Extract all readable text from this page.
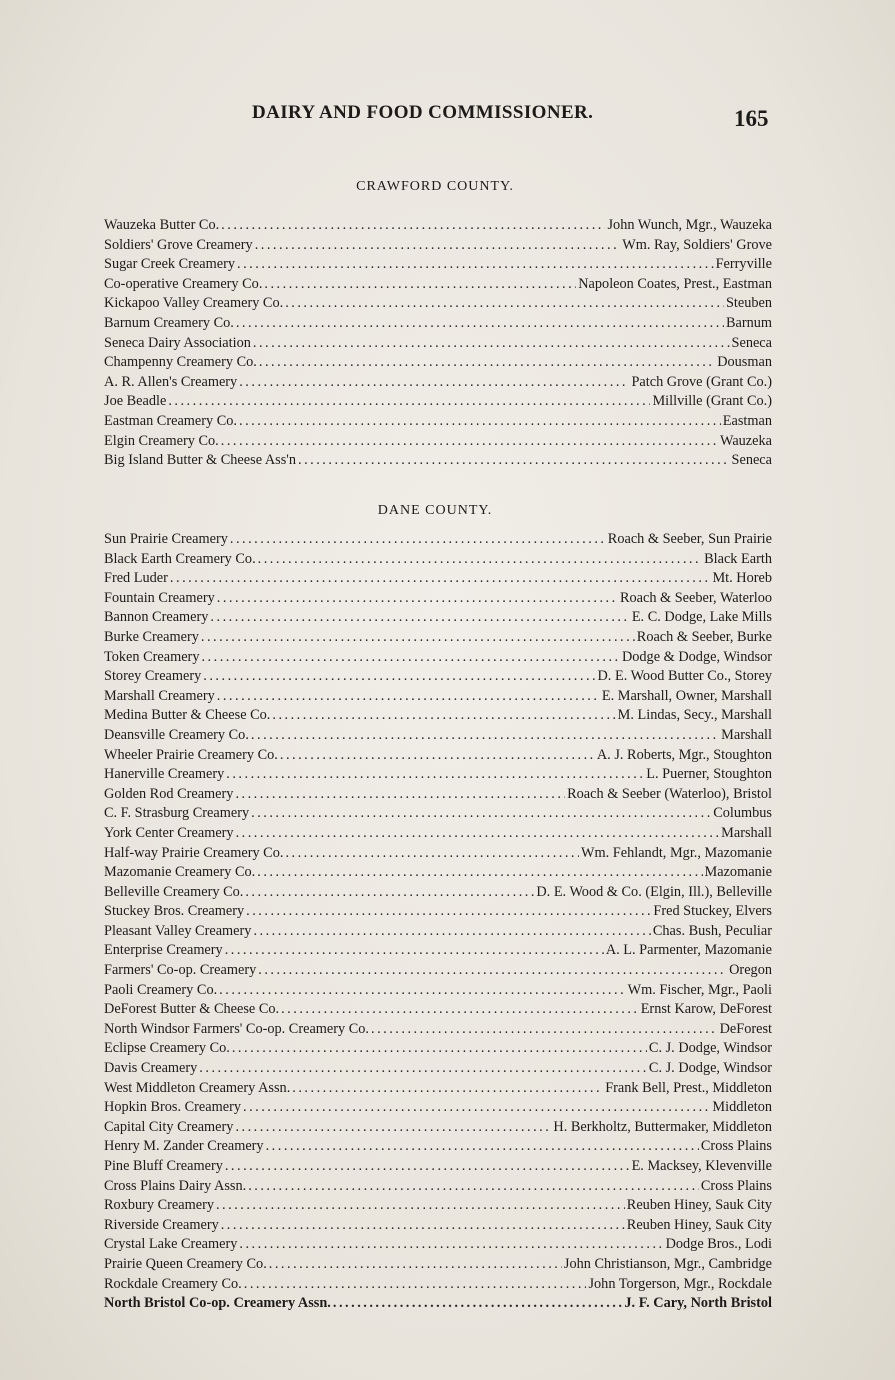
DAIRY AND FOOD COMMISSIONER.	165
CRAWFORD COUNTY.
Wauzeka Butter Co. .....	John Wunch, Mgr., Wauzeka
Soldiers' Grove Creamery .....	Wm. Ray, Soldiers' Grove
Sugar Creek Creamery .....	Ferryville
Co-operative Creamery Co. .....	Napoleon Coates, Prest., Eastman
Kickapoo Valley Creamery Co. .....	Steuben
Barnum Creamery Co. .....	Barnum
Seneca Dairy Association .....	Seneca
Champenny Creamery Co. .....	Dousman
A. R. Allen's Creamery .....	Patch Grove (Grant Co.)
Joe Beadle .....	Millville (Grant Co.)
Eastman Creamery Co. .....	Eastman
Elgin Creamery Co. .....	Wauzeka
Big Island Butter & Cheese Ass'n .....	Seneca
DANE COUNTY.
Sun Prairie Creamery .....	Roach & Seeber, Sun Prairie
Black Earth Creamery Co. .....	Black Earth
Fred Luder .....	Mt. Horeb
Fountain Creamery .....	Roach & Seeber, Waterloo
Bannon Creamery .....	E. C. Dodge, Lake Mills
Burke Creamery .....	Roach & Seeber, Burke
Token Creamery .....	Dodge & Dodge, Windsor
Storey Creamery .....	D. E. Wood Butter Co., Storey
Marshall Creamery .....	E. Marshall, Owner, Marshall
Medina Butter & Cheese Co. .....	M. Lindas, Secy., Marshall
Deansville Creamery Co. .....	Marshall
Wheeler Prairie Creamery Co. .....	A. J. Roberts, Mgr., Stoughton
Hanerville Creamery .....	L. Puerner, Stoughton
Golden Rod Creamery .....	Roach & Seeber (Waterloo), Bristol
C. F. Strasburg Creamery .....	Columbus
York Center Creamery .....	Marshall
Half-way Prairie Creamery Co. .....	Wm. Fehlandt, Mgr., Mazomanie
Mazomanie Creamery Co. .....	Mazomanie
Belleville Creamery Co. .....	D. E. Wood & Co. (Elgin, Ill.), Belleville
Stuckey Bros. Creamery .....	Fred Stuckey, Elvers
Pleasant Valley Creamery .....	Chas. Bush, Peculiar
Enterprise Creamery .....	A. L. Parmenter, Mazomanie
Farmers' Co-op. Creamery .....	Oregon
Paoli Creamery Co. .....	Wm. Fischer, Mgr., Paoli
DeForest Butter & Cheese Co. .....	Ernst Karow, DeForest
North Windsor Farmers' Co-op. Creamery Co. .....	DeForest
Eclipse Creamery Co. .....	C. J. Dodge, Windsor
Davis Creamery .....	C. J. Dodge, Windsor
West Middleton Creamery Assn. .....	Frank Bell, Prest., Middleton
Hopkin Bros. Creamery .....	Middleton
Capital City Creamery .....	H. Berkholtz, Buttermaker, Middleton
Henry M. Zander Creamery .....	Cross Plains
Pine Bluff Creamery .....	E. Macksey, Klevenville
Cross Plains Dairy Assn. .....	Cross Plains
Roxbury Creamery .....	Reuben Hiney, Sauk City
Riverside Creamery .....	Reuben Hiney, Sauk City
Crystal Lake Creamery .....	Dodge Bros., Lodi
Prairie Queen Creamery Co. .....	John Christianson, Mgr., Cambridge
Rockdale Creamery Co. .....	John Torgerson, Mgr., Rockdale
North Bristol Co-op. Creamery Assn. .....	J. F. Cary, North Bristol
